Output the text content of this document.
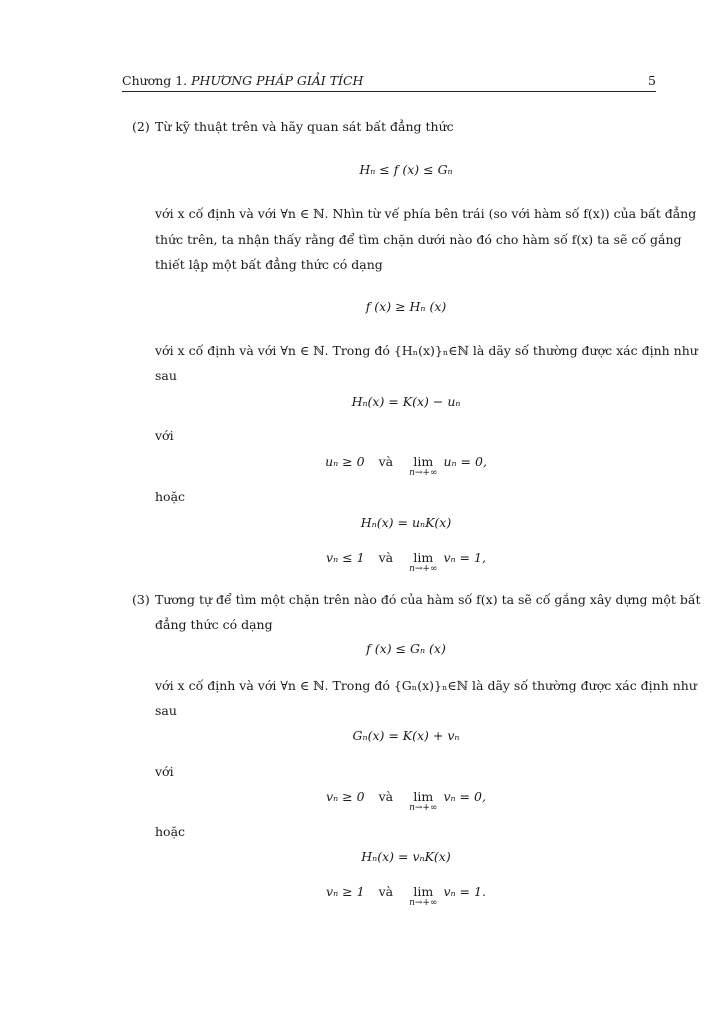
Chương 1. PHƯƠNG PHÁP GIẢI TÍCH	5
(2) Từ kỹ thuật trên và hãy quan sát bất đẳng thức
Hₙ ≤ f (x) ≤ Gₙ
với x cố định và với ∀n ∈ ℕ. Nhìn từ vế phía bên trái (so với hàm số f(x)) của bất đẳng
thức trên, ta nhận thấy rằng để tìm chặn dưới nào đó cho hàm số f(x) ta sẽ cố gắng
thiết lập một bất đẳng thức có dạng
f (x) ≥ Hₙ (x)
với x cố định và với ∀n ∈ ℕ. Trong đó {Hₙ(x)}ₙ∈ℕ là dãy số thường được xác định như
sau
Hₙ(x) = K(x) − uₙ
với
uₙ ≥ 0 và lim
n→+∞
uₙ = 0,
hoặc
Hₙ(x) = uₙK(x)
vₙ ≤ 1 và lim
n→+∞
vₙ = 1,
(3) Tương tự để tìm một chặn trên nào đó của hàm số f(x) ta sẽ cố gắng xây dựng một bất
đẳng thức có dạng
f (x) ≤ Gₙ (x)
với x cố định và với ∀n ∈ ℕ. Trong đó {Gₙ(x)}ₙ∈ℕ là dãy số thường được xác định như
sau
Gₙ(x) = K(x) + vₙ
với
vₙ ≥ 0 và lim
n→+∞
vₙ = 0,
hoặc
Hₙ(x) = vₙK(x)
vₙ ≥ 1 và lim
n→+∞
vₙ = 1.
